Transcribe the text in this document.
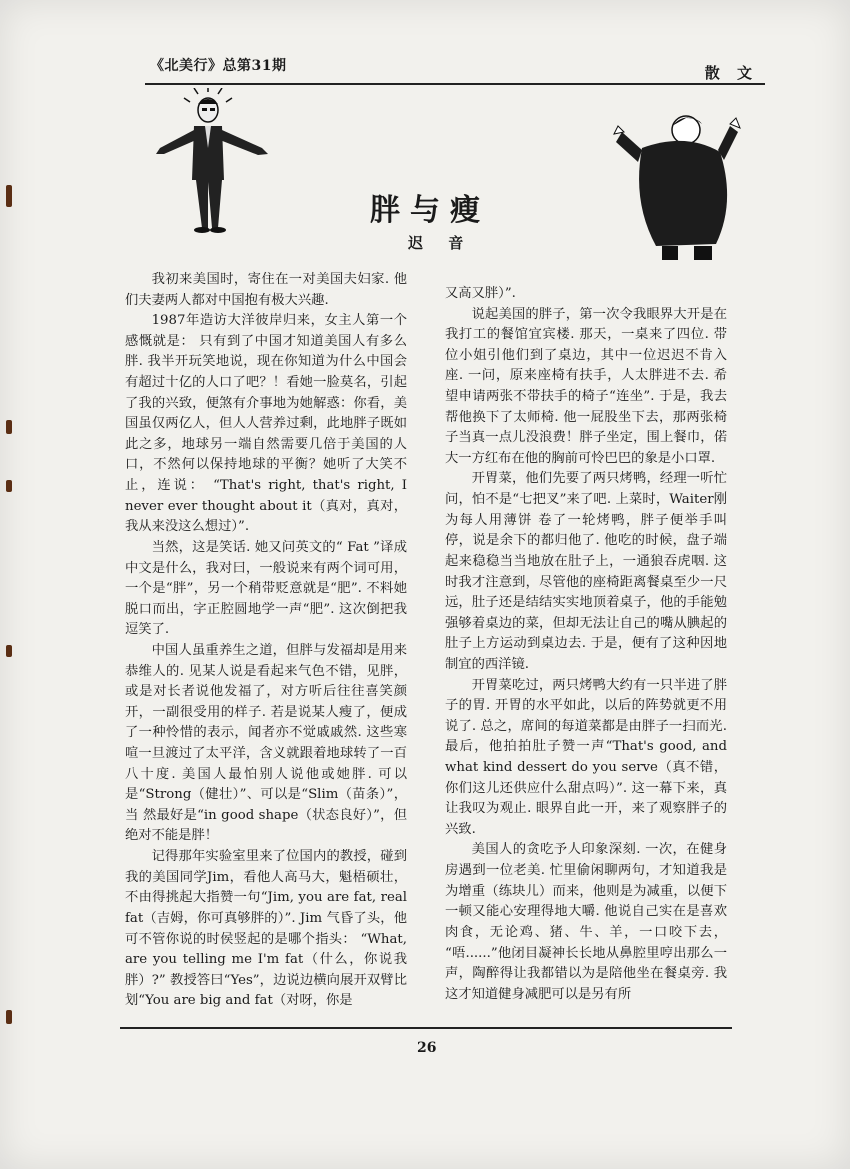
《北美行》总第31期	散 文
胖与瘦
迟 音

我初来美国时，寄住在一对美国夫妇家. 他们夫妻两人都对中国抱有极大兴趣.

1987年造访大洋彼岸归来，女主人第一个感慨就是： 只有到了中国才知道美国人有多么胖. 我半开玩笑地说，现在你知道为什么中国会有超过十亿的人口了吧？！看她一脸莫名，引起了我的兴致，便煞有介事地为她解惑：你看，美国虽仅两亿人，但人人营养过剩，此地胖子既如此之多，地球另一端自然需要几倍于美国的人口，不然何以保持地球的平衡？她听了大笑不止，连说： “That's right, that's right, I never ever thought about it（真对，真对，我从来没这么想过）”.

当然，这是笑话. 她又问英文的“ Fat ”译成中文是什么，我对曰，一般说来有两个词可用，一个是“胖”，另一个稍带贬意就是“肥”. 不料她脱口而出，字正腔圆地学一声“肥”. 这次倒把我逗笑了.

中国人虽重养生之道，但胖与发福却是用来恭维人的. 见某人说是看起来气色不错，见胖，或是对长者说他发福了，对方听后往往喜笑颜开，一副很受用的样子. 若是说某人瘦了，便成了一种怜惜的表示，闻者亦不觉戚戚然. 这些寒喧一旦渡过了太平洋，含义就跟着地球转了一百八十度. 美国人最怕别人说他或她胖. 可以是“Strong（健壮）”、可以是“Slim（苗条）”，当 然最好是“in good shape（状态良好）”，但绝对不能是胖！

记得那年实验室里来了位国内的教授，碰到我的美国同学Jim，看他人高马大，魁梧硕壮， 不由得挑起大指赞一句“Jim, you are fat, real fat（吉姆，你可真够胖的）”. Jim 气昏了头，他可不管你说的时侯竖起的是哪个指头： “What, are you telling me I'm fat（什么，你说我胖）?” 教授答曰“Yes”，边说边横向展开双臂比划“You are big and fat（对呀，你是

又高又胖）”.

说起美国的胖子，第一次令我眼界大开是在我打工的餐馆宜宾楼. 那天，一桌来了四位. 带位小姐引他们到了桌边，其中一位迟迟不肯入座. 一问，原来座椅有扶手，人太胖进不去. 希望申请两张不带扶手的椅子“连坐”. 于是，我去帮他换下了太师椅. 他一屁股坐下去，那两张椅子当真一点儿没浪费！胖子坐定，围上餐巾，偌大一方红布在他的胸前可怜巴巴的象是小口罩.

开胃菜，他们先要了两只烤鸭，经理一听忙问，怕不是“七把叉”来了吧. 上菜时，Waiter刚为每人用薄饼 卷了一轮烤鸭，胖子便举手叫停，说是余下的都归他了. 他吃的时候，盘子端起来稳稳当当地放在肚子上，一通狼吞虎咽. 这时我才注意到，尽管他的座椅距离餐桌至少一尺远，肚子还是结结实实地顶着桌子，他的手能勉强够着桌边的菜，但却无法让自己的嘴从腆起的肚子上方运动到桌边去. 于是，便有了这种因地制宜的西洋镜.

开胃菜吃过，两只烤鸭大约有一只半进了胖子的胃. 开胃的水平如此，以后的阵势就更不用说了. 总之，席间的每道菜都是由胖子一扫而光. 最后，他拍拍肚子赞一声“That's good, and what kind dessert do you serve（真不错，你们这儿还供应什么甜点吗）”. 这一幕下来，真让我叹为观止. 眼界自此一开，来了观察胖子的兴致.

美国人的贪吃予人印象深刻. 一次，在健身房遇到一位老美. 忙里偷闲聊两句，才知道我是为增重（练块儿）而来，他则是为减重，以便下一顿又能心安理得地大嚼. 他说自己实在是喜欢肉食，无论鸡、猪、牛、羊，一口咬下去， “唔......”他闭目凝神长长地从鼻腔里哼出那么一声，陶醉得让我都错以为是陪他坐在餐桌旁. 我这才知道健身减肥可以是另有所

26
